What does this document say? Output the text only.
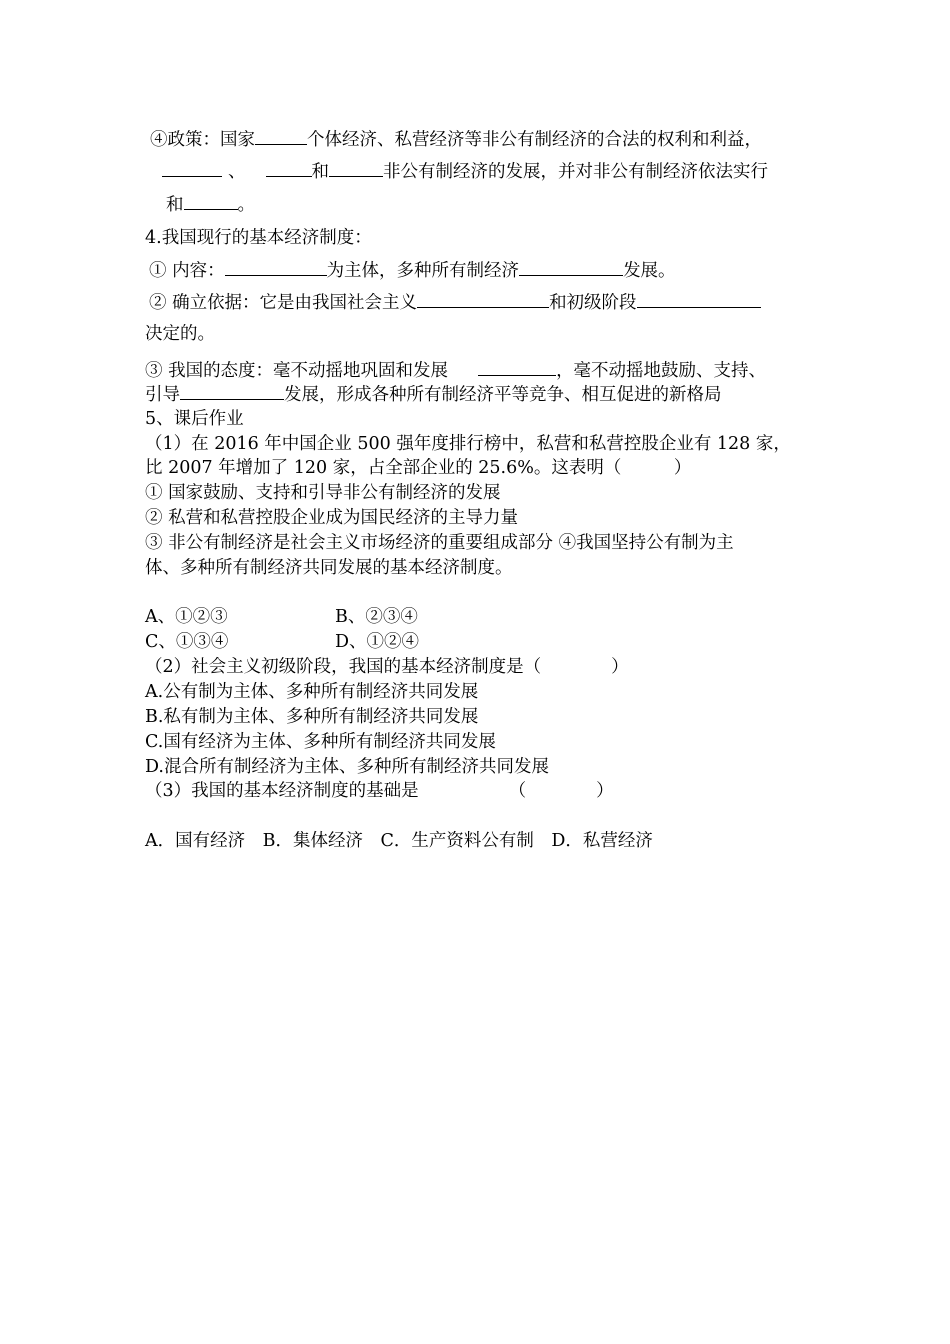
④政策：国家	个体经济、私营经济等非公有制经济的合法的权利和利益，
、	和	非公有制经济的发展，并对非公有制经济依法实行
和	。
4.我国现行的基本经济制度：
① 内容：	为主体，多种所有制经济	发展。
② 确立依据：它是由我国社会主义	和初级阶段
决定的。
③ 我国的态度：毫不动摇地巩固和发展	，毫不动摇地鼓励、支持、
引导	发展，形成各种所有制经济平等竞争、相互促进的新格局
5、课后作业
（1）在 2016 年中国企业 500 强年度排行榜中，私营和私营控股企业有 128 家，
比 2007 年增加了 120 家，占全部企业的 25.6%。这表明（　　　）
① 国家鼓励、支持和引导非公有制经济的发展
② 私营和私营控股企业成为国民经济的主导力量
③ 非公有制经济是社会主义市场经济的重要组成部分 ④我国坚持公有制为主
体、多种所有制经济共同发展的基本经济制度。
A、①②③	B、②③④
C、①③④	D、①②④
（2）社会主义初级阶段，我国的基本经济制度是（　　　　）
A.公有制为主体、多种所有制经济共同发展
B.私有制为主体、多种所有制经济共同发展
C.国有经济为主体、多种所有制经济共同发展
D.混合所有制经济为主体、多种所有制经济共同发展
（3）我国的基本经济制度的基础是	（　　　　）
A．国有经济　B．集体经济　C．生产资料公有制　D．私营经济
